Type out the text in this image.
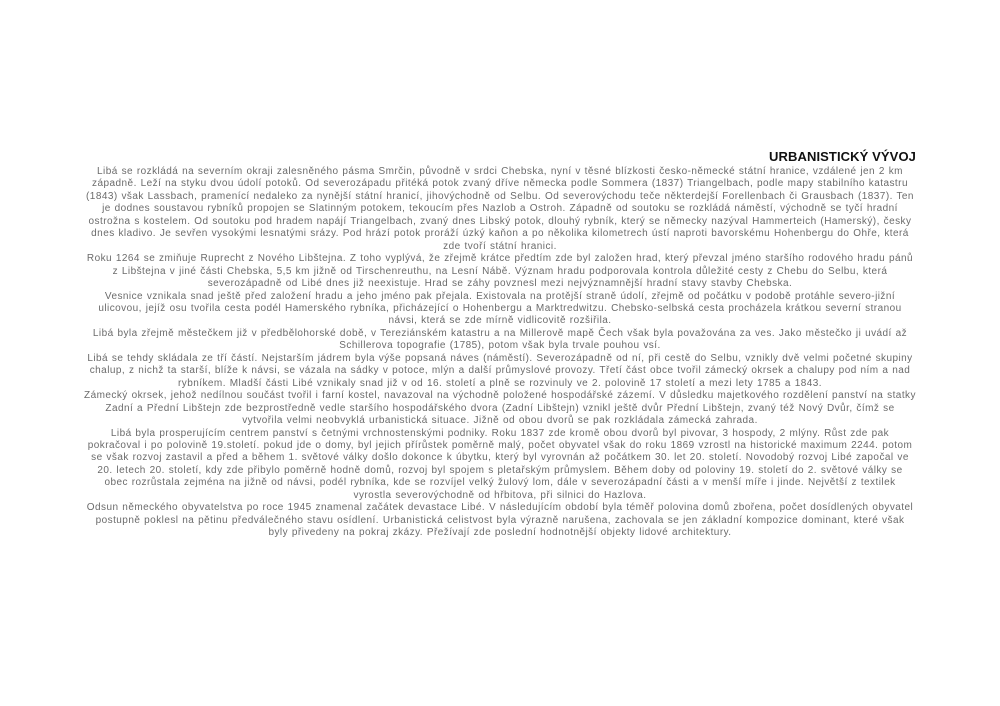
URBANISTICKÝ VÝVOJ

Libá se rozkládá na severním okraji zalesněného pásma Smrčin, původně v srdci Chebska, nyní v těsné blízkosti česko-německé státní hranice, vzdálené jen 2 km západně. Leží na styku dvou údolí potoků. Od severozápadu přitéká potok zvaný dříve německa podle Sommera (1837) Triangelbach, podle mapy stabilního katastru (1843) však Lassbach, pramenící nedaleko za nynější státní hranicí, jihovýchodně od Selbu. Od severovýchodu teče některdejší Forellenbach či Grausbach (1837). Ten je dodnes soustavou rybníků propojen se Slatinným potokem, tekoucím přes Nazlob a Ostroh. Západně od soutoku se rozkládá náměstí, východně se tyčí hradní ostrožna s kostelem. Od soutoku pod hradem napájí Triangelbach, zvaný dnes Libský potok, dlouhý rybník, který se německy nazýval Hammerteich (Hamerský), česky dnes kladivo. Je sevřen vysokými lesnatými srázy. Pod hrází potok proráží úzký kaňon a po několika kilometrech ústí naproti bavorskému Hohenbergu do Ohře, která zde tvoří státní hranici.

Roku 1264 se zmiňuje Ruprecht z Nového Libštejna. Z toho vyplývá, že zřejmě krátce předtím zde byl založen hrad, který převzal jméno staršího rodového hradu pánů z Libštejna v jiné části Chebska, 5,5 km jižně od Tirschenreuthu, na Lesní Nábě. Význam hradu podporovala kontrola důležité cesty z Chebu do Selbu, která severozápadně od Libé dnes již neexistuje. Hrad se záhy povznesl mezi nejvýznamnější hradní stavy stavby Chebska.

Vesnice vznikala snad ještě před založení hradu a jeho jméno pak přejala. Existovala na protější straně údolí, zřejmě od počátku v podobě protáhle severo-jižní ulicovou, jejíž osu tvořila cesta podél Hamerského rybníka, přicházející o Hohenbergu a Marktredwitzu. Chebsko-selbská cesta procházela krátkou severní stranou návsi, která se zde mírně vidlicovitě rozšiřila.

Libá byla zřejmě městečkem již v předbělohorské době, v Tereziánském katastru a na Millerově mapě Čech však byla považována za ves. Jako městečko ji uvádí až Schillerova topografie (1785), potom však byla trvale pouhou vsí.

Libá se tehdy skládala ze tří částí. Nejstarším jádrem byla výše popsaná náves (náměstí). Severozápadně od ní, při cestě do Selbu, vznikly dvě velmi početné skupiny chalup, z nichž ta starší, blíže k návsi, se vázala na sádky v potoce, mlýn a další průmyslové provozy. Třetí část obce tvořil zámecký okrsek a chalupy pod ním a nad rybníkem. Mladší části Libé vznikaly snad již v od 16. století a plně se rozvinuly ve 2. polovině 17 století a mezi lety 1785 a 1843.

Zámecký okrsek, jehož nedílnou součást tvořil i farní kostel, navazoval na východně položené hospodářské zázemí. V důsledku majetkového rozdělení panství na statky Zadní a Přední Libštejn zde bezprostředně vedle staršího hospodářského dvora (Zadní Libštejn) vznikl ještě dvůr Přední Libštejn, zvaný též Nový Dvůr, čímž se vytvořila velmi neobvyklá urbanistická situace. Jižně od obou dvorů se pak rozkládala zámecká zahrada.

Libá byla prosperujícím centrem panství s četnými vrchnostenskými podniky. Roku 1837 zde kromě obou dvorů byl pivovar, 3 hospody, 2 mlýny. Růst zde pak pokračoval i po polovině 19.století. pokud jde o domy, byl jejich přírůstek poměrně malý, počet obyvatel však do roku 1869 vzrostl na historické maximum 2244. potom se však rozvoj zastavil a před a během 1. světové války došlo dokonce k úbytku, který byl vyrovnán až počátkem 30. let 20. století. Novodobý rozvoj Libé započal ve 20. letech 20. století, kdy zde přibylo poměrně hodně domů, rozvoj byl spojem s pletařským průmyslem. Během doby od poloviny 19. století do 2. světové války se obec rozrůstala zejména na jižně od návsi, podél rybníka, kde se rozvíjel velký žulový lom, dále v severozápadní části a v menší míře i jinde. Největší z textilek vyrostla severovýchodně od hřbitova, při silnici do Hazlova.

Odsun německého obyvatelstva po roce 1945 znamenal začátek devastace Libé. V následujícím období byla téměř polovina domů zbořena, počet dosídlených obyvatel postupně poklesl na pětinu předválečného stavu osídlení. Urbanistická celistvost byla výrazně narušena, zachovala se jen základní kompozice dominant, které však byly přivedeny na pokraj zkázy. Přežívají zde poslední hodnotnější objekty lidové architektury.
